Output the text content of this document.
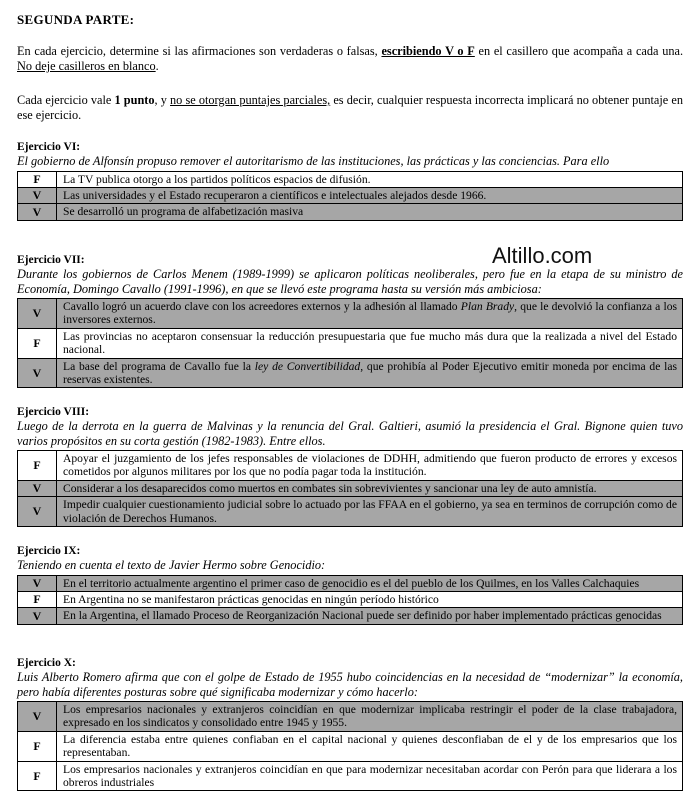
SEGUNDA PARTE:
En cada ejercicio, determine si las afirmaciones son verdaderas o falsas, escribiendo V o F en el casillero que acompaña a cada una. No deje casilleros en blanco.
Cada ejercicio vale 1 punto, y no se otorgan puntajes parciales, es decir, cualquier respuesta incorrecta implicará no obtener puntaje en ese ejercicio.
Ejercicio VI:
El gobierno de Alfonsín propuso remover el autoritarismo de las instituciones, las prácticas y las conciencias. Para ello
F	La TV publica otorgo a los partidos políticos espacios de difusión.
V	Las universidades y el Estado recuperaron a científicos e intelectuales alejados desde 1966.
V	Se desarrolló un programa de alfabetización masiva
Ejercicio VII:
Durante los gobiernos de Carlos Menem (1989-1999) se aplicaron políticas neoliberales, pero fue en la etapa de su ministro de Economía, Domingo Cavallo (1991-1996), en que se llevó este programa hasta su versión más ambiciosa:
V	Cavallo logró un acuerdo clave con los acreedores externos y la adhesión al llamado Plan Brady, que le devolvió la confianza a los inversores externos.
F	Las provincias no aceptaron consensuar la reducción presupuestaria que fue mucho más dura que la realizada a nivel del Estado nacional.
V	La base del programa de Cavallo fue la ley de Convertibilidad, que prohibía al Poder Ejecutivo emitir moneda por encima de las reservas existentes.
Ejercicio VIII:
Luego de la derrota en la guerra de Malvinas y la renuncia del Gral. Galtieri, asumió la presidencia el Gral. Bignone quien tuvo varios propósitos en su corta gestión (1982-1983). Entre ellos.
F	Apoyar el juzgamiento de los jefes responsables de violaciones de DDHH, admitiendo que fueron producto de errores y excesos cometidos por algunos militares por los que no podía pagar toda la institución.
V	Considerar a los desaparecidos como muertos en combates sin sobrevivientes y sancionar una ley de auto amnistía.
V	Impedir cualquier cuestionamiento judicial sobre lo actuado por las FFAA en el gobierno, ya sea en terminos de corrupción como de violación de Derechos Humanos.
Ejercicio IX:
Teniendo en cuenta el texto de Javier Hermo sobre Genocidio:
V	En el territorio actualmente argentino el primer caso de genocidio es el del pueblo de los Quilmes, en los Valles Calchaquies
F	En Argentina no se manifestaron prácticas genocidas en ningún período histórico
V	En la Argentina, el llamado Proceso de Reorganización Nacional puede ser definido por haber implementado prácticas genocidas
Ejercicio X:
Luis Alberto Romero afirma que con el golpe de Estado de 1955 hubo coincidencias en la necesidad de “modernizar” la economía, pero había diferentes posturas sobre qué significaba modernizar y cómo hacerlo:
V	Los empresarios nacionales y extranjeros coincidían en que modernizar implicaba restringir el poder de la clase trabajadora, expresado en los sindicatos y consolidado entre 1945 y 1955.
F	La diferencia estaba entre quienes confiaban en el capital nacional y quienes desconfiaban de el y de los empresarios que los representaban.
F	Los empresarios nacionales y extranjeros coincidían en que para modernizar necesitaban acordar con Perón para que liderara a los obreros industriales
Altillo.com
